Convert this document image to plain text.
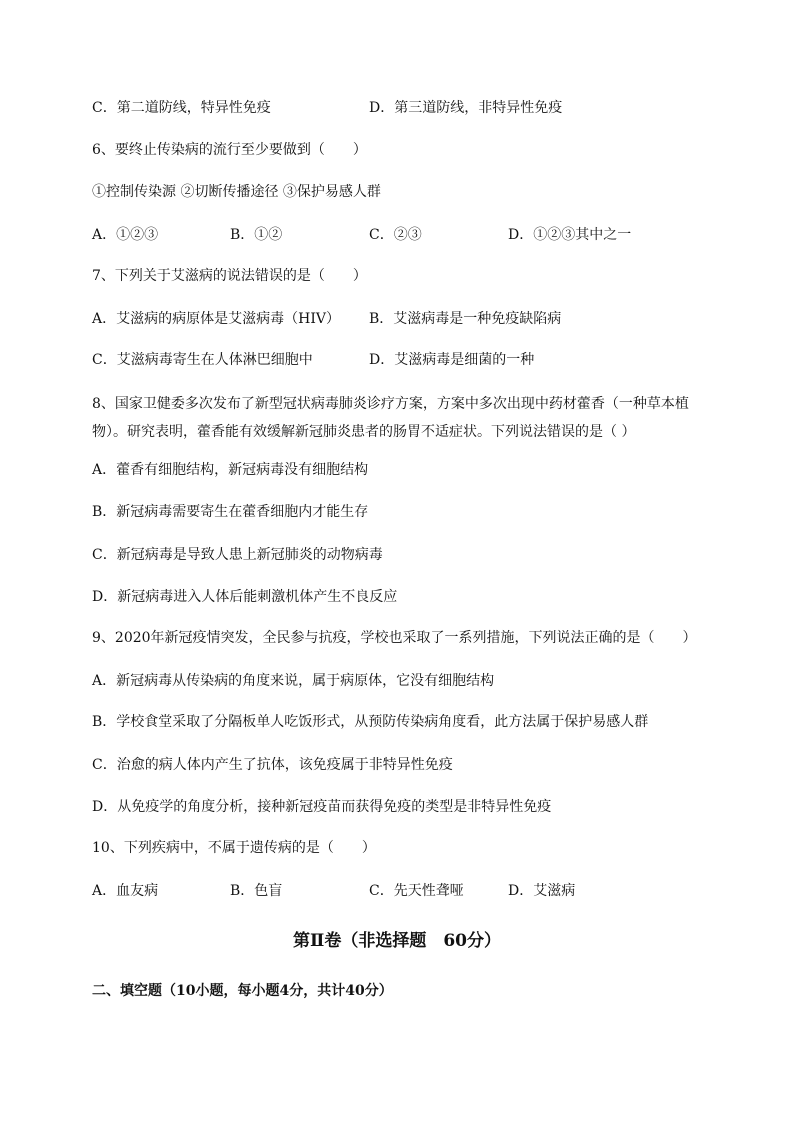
C．第二道防线，特异性免疫	D．第三道防线，非特异性免疫
6、要终止传染病的流行至少要做到（　　）
①控制传染源 ②切断传播途径 ③保护易感人群
A．①②③	B．①②	C．②③	D．①②③其中之一
7、下列关于艾滋病的说法错误的是（　　）
A．艾滋病的病原体是艾滋病毒（HIV） B．艾滋病毒是一种免疫缺陷病
C．艾滋病毒寄生在人体淋巴细胞中	D．艾滋病毒是细菌的一种
8、国家卫健委多次发布了新型冠状病毒肺炎诊疗方案，方案中多次出现中药材藿香（一种草本植物）。研究表明，藿香能有效缓解新冠肺炎患者的肠胃不适症状。下列说法错误的是（ ）
A．藿香有细胞结构，新冠病毒没有细胞结构
B．新冠病毒需要寄生在藿香细胞内才能生存
C．新冠病毒是导致人患上新冠肺炎的动物病毒
D．新冠病毒进入人体后能刺激机体产生不良反应
9、2020年新冠疫情突发，全民参与抗疫，学校也采取了一系列措施，下列说法正确的是（　　）
A．新冠病毒从传染病的角度来说，属于病原体，它没有细胞结构
B．学校食堂采取了分隔板单人吃饭形式，从预防传染病角度看，此方法属于保护易感人群
C．治愈的病人体内产生了抗体，该免疫属于非特异性免疫
D．从免疫学的角度分析，接种新冠疫苗而获得免疫的类型是非特异性免疫
10、下列疾病中，不属于遗传病的是（　　）
A．血友病	B．色盲	C．先天性聋哑	D．艾滋病
第Ⅱ卷（非选择题　60分）
二、填空题（10小题，每小题4分，共计40分）
